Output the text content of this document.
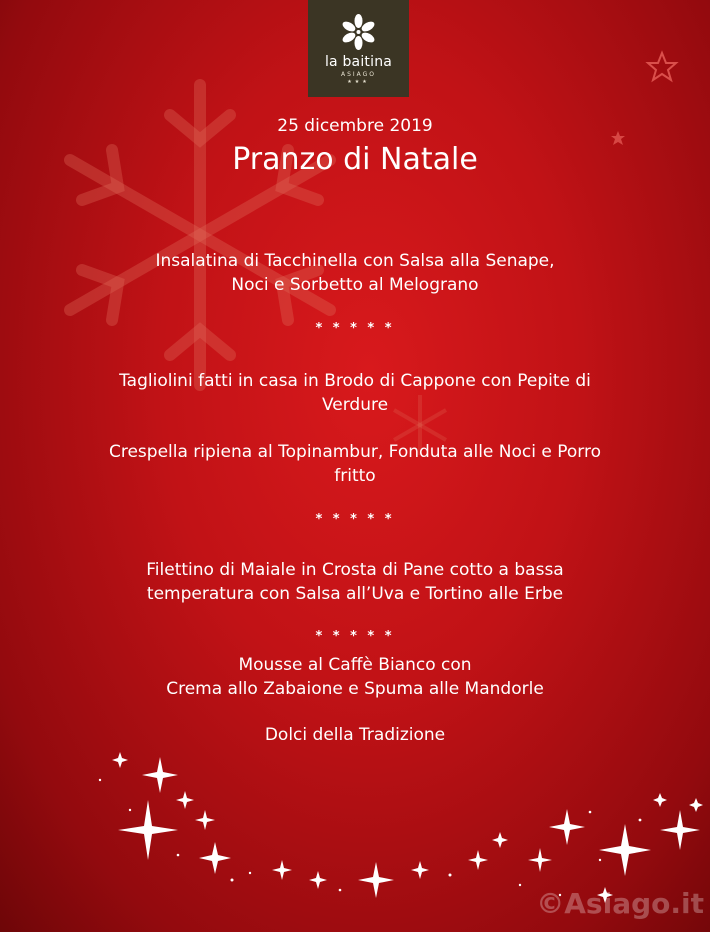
la baitina
ASIAGO
★★★
25 dicembre 2019
Pranzo di Natale
Insalatina di Tacchinella con Salsa alla Senape,
Noci e Sorbetto al Melograno
* * * * *
Tagliolini fatti in casa in Brodo di Cappone con Pepite di
Verdure
Crespella ripiena al Topinambur, Fonduta alle Noci e Porro
fritto
* * * * *
Filettino di Maiale in Crosta di Pane cotto a bassa
temperatura con Salsa all’Uva e Tortino alle Erbe
* * * * *
Mousse al Caffè Bianco con
Crema allo Zabaione e Spuma alle Mandorle
Dolci della Tradizione
©Asiago.it
